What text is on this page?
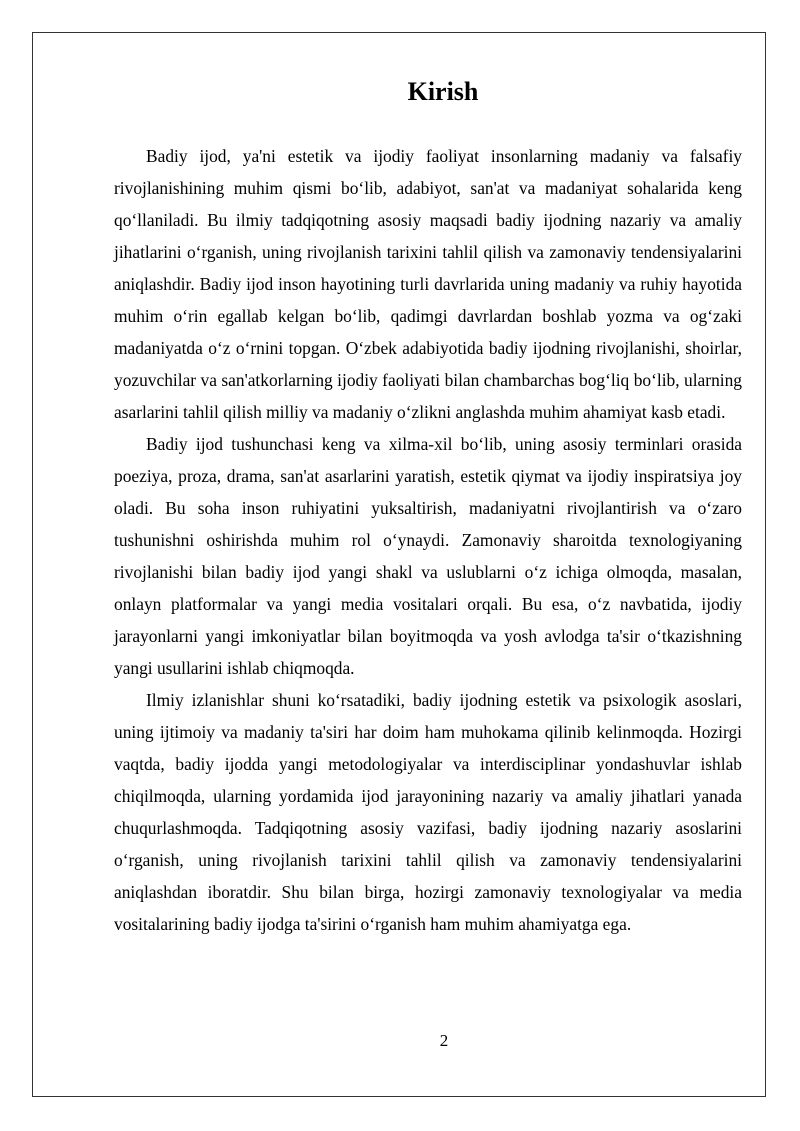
Kirish

Badiy ijod, ya'ni estetik va ijodiy faoliyat insonlarning madaniy va falsafiy rivojlanishining muhim qismi bo‘lib, adabiyot, san'at va madaniyat sohalarida keng qo‘llaniladi. Bu ilmiy tadqiqotning asosiy maqsadi badiy ijodning nazariy va amaliy jihatlarini o‘rganish, uning rivojlanish tarixini tahlil qilish va zamonaviy tendensiyalarini aniqlashdir. Badiy ijod inson hayotining turli davrlarida uning madaniy va ruhiy hayotida muhim o‘rin egallab kelgan bo‘lib, qadimgi davrlardan boshlab yozma va og‘zaki madaniyatda o‘z o‘rnini topgan. O‘zbek adabiyotida badiy ijodning rivojlanishi, shoirlar, yozuvchilar va san'atkorlarning ijodiy faoliyati bilan chambarchas bog‘liq bo‘lib, ularning asarlarini tahlil qilish milliy va madaniy o‘zlikni anglashda muhim ahamiyat kasb etadi.

Badiy ijod tushunchasi keng va xilma-xil bo‘lib, uning asosiy terminlari orasida poeziya, proza, drama, san'at asarlarini yaratish, estetik qiymat va ijodiy inspiratsiya joy oladi. Bu soha inson ruhiyatini yuksaltirish, madaniyatni rivojlantirish va o‘zaro tushunishni oshirishda muhim rol o‘ynaydi. Zamonaviy sharoitda texnologiyaning rivojlanishi bilan badiy ijod yangi shakl va uslublarni o‘z ichiga olmoqda, masalan, onlayn platformalar va yangi media vositalari orqali. Bu esa, o‘z navbatida, ijodiy jarayonlarni yangi imkoniyatlar bilan boyitmoqda va yosh avlodga ta'sir o‘tkazishning yangi usullarini ishlab chiqmoqda.

Ilmiy izlanishlar shuni ko‘rsatadiki, badiy ijodning estetik va psixologik asoslari, uning ijtimoiy va madaniy ta'siri har doim ham muhokama qilinib kelinmoqda. Hozirgi vaqtda, badiy ijodda yangi metodologiyalar va interdisciplinar yondashuvlar ishlab chiqilmoqda, ularning yordamida ijod jarayonining nazariy va amaliy jihatlari yanada chuqurlashmoqda. Tadqiqotning asosiy vazifasi, badiy ijodning nazariy asoslarini o‘rganish, uning rivojlanish tarixini tahlil qilish va zamonaviy tendensiyalarini aniqlashdan iboratdir. Shu bilan birga, hozirgi zamonaviy texnologiyalar va media vositalarining badiy ijodga ta'sirini o‘rganish ham muhim ahamiyatga ega.

2
